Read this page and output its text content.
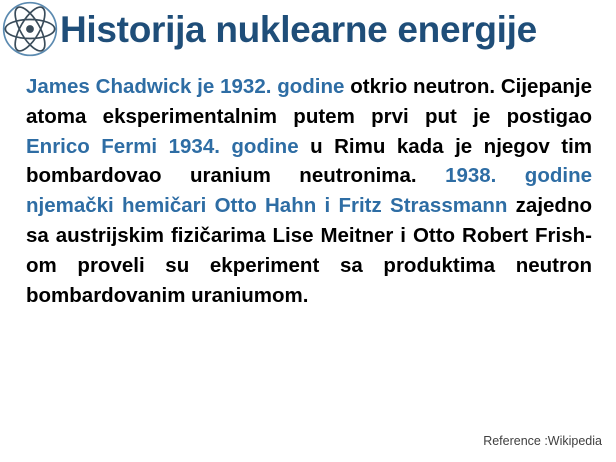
Historija nuklearne energije

James Chadwick je 1932. godine otkrio neutron. Cijepanje atoma eksperimentalnim putem prvi put je postigao Enrico Fermi 1934. godine u Rimu kada je njegov tim bombardovao uranium neutronima. 1938. godine njemački hemičari Otto Hahn i Fritz Strassmann zajedno sa austrijskim fizičarima Lise Meitner i Otto Robert Frish-om proveli su ekperiment sa produktima neutron bombardovanim uraniumom.

Reference :Wikipedia
